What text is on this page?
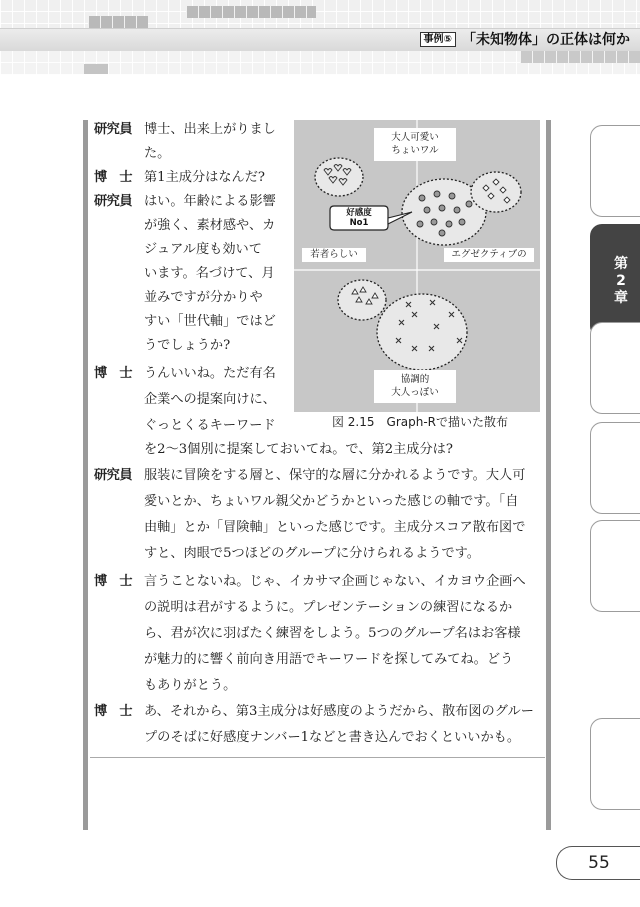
事例⑤ 「未知物体」の正体は何か
研究員 博士、出来上がりまし
た。
博　士 第1主成分はなんだ?
研究員 はい。年齢による影響
が強く、素材感や、カ
ジュアル度も効いて
います。名づけて、月
並みですが分かりや
すい「世代軸」ではど
うでしょうか?
博　士 うんいいね。ただ有名
企業への提案向けに、
ぐっとくるキーワード
を2〜3個別に提案しておいてね。で、第2主成分は?
研究員 服装に冒険をする層と、保守的な層に分かれるようです。大人可
愛いとか、ちょいワル親父かどうかといった感じの軸です。「自
由軸」とか「冒険軸」といった感じです。主成分スコア散布図で
すと、肉眼で5つほどのグループに分けられるようです。
博　士 言うことないね。じゃ、イカサマ企画じゃない、イカヨウ企画へ
の説明は君がするように。プレゼンテーションの練習になるか
ら、君が次に羽ばたく練習をしよう。5つのグループ名はお客様
が魅力的に響く前向き用語でキーワードを探してみてね。どう
もありがとう。
博　士 あ、それから、第3主成分は好感度のようだから、散布図のグルー
プのそばに好感度ナンバー1などと書き込んでおくといいかも。
大人可愛い
ちょいワル
若者らしい	エグゼクティブの
協調的
大人っぽい
好感度
No1
図 2.15　Graph-Rで描いた散布
第
2
章
55
